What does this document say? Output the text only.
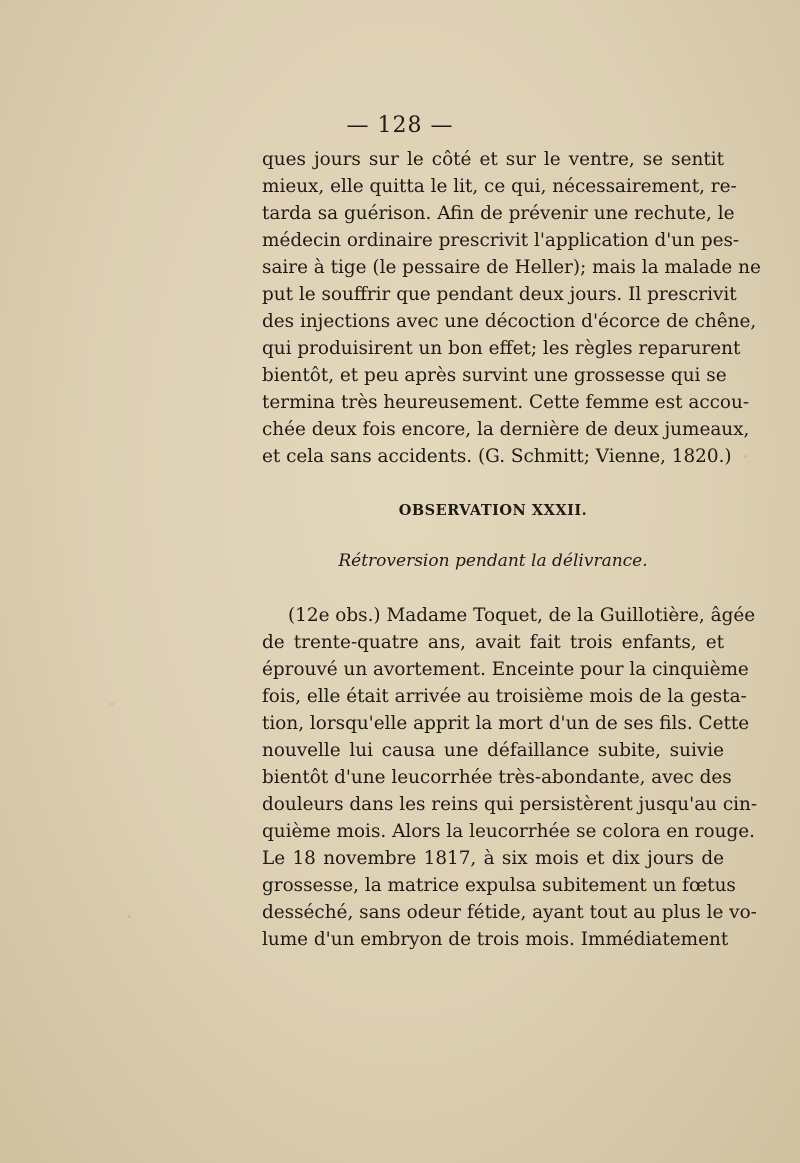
— 128 —
ques jours sur le côté et sur le ventre, se sentit
mieux, elle quitta le lit, ce qui, nécessairement, re-
tarda sa guérison. Afin de prévenir une rechute, le
médecin ordinaire prescrivit l'application d'un pes-
saire à tige (le pessaire de Heller); mais la malade ne
put le souffrir que pendant deux jours. Il prescrivit
des injections avec une décoction d'écorce de chêne,
qui produisirent un bon effet; les règles reparurent
bientôt, et peu après survint une grossesse qui se
termina très heureusement. Cette femme est accou-
chée deux fois encore, la dernière de deux jumeaux,
et cela sans accidents. (G. Schmitt; Vienne, 1820.)
OBSERVATION XXXII.
Rétroversion pendant la délivrance.
(12e obs.) Madame Toquet, de la Guillotière, âgée
de trente-quatre ans, avait fait trois enfants, et
éprouvé un avortement. Enceinte pour la cinquième
fois, elle était arrivée au troisième mois de la gesta-
tion, lorsqu'elle apprit la mort d'un de ses fils. Cette
nouvelle lui causa une défaillance subite, suivie
bientôt d'une leucorrhée très-abondante, avec des
douleurs dans les reins qui persistèrent jusqu'au cin-
quième mois. Alors la leucorrhée se colora en rouge.
Le 18 novembre 1817, à six mois et dix jours de
grossesse, la matrice expulsa subitement un fœtus
desséché, sans odeur fétide, ayant tout au plus le vo-
lume d'un embryon de trois mois. Immédiatement
